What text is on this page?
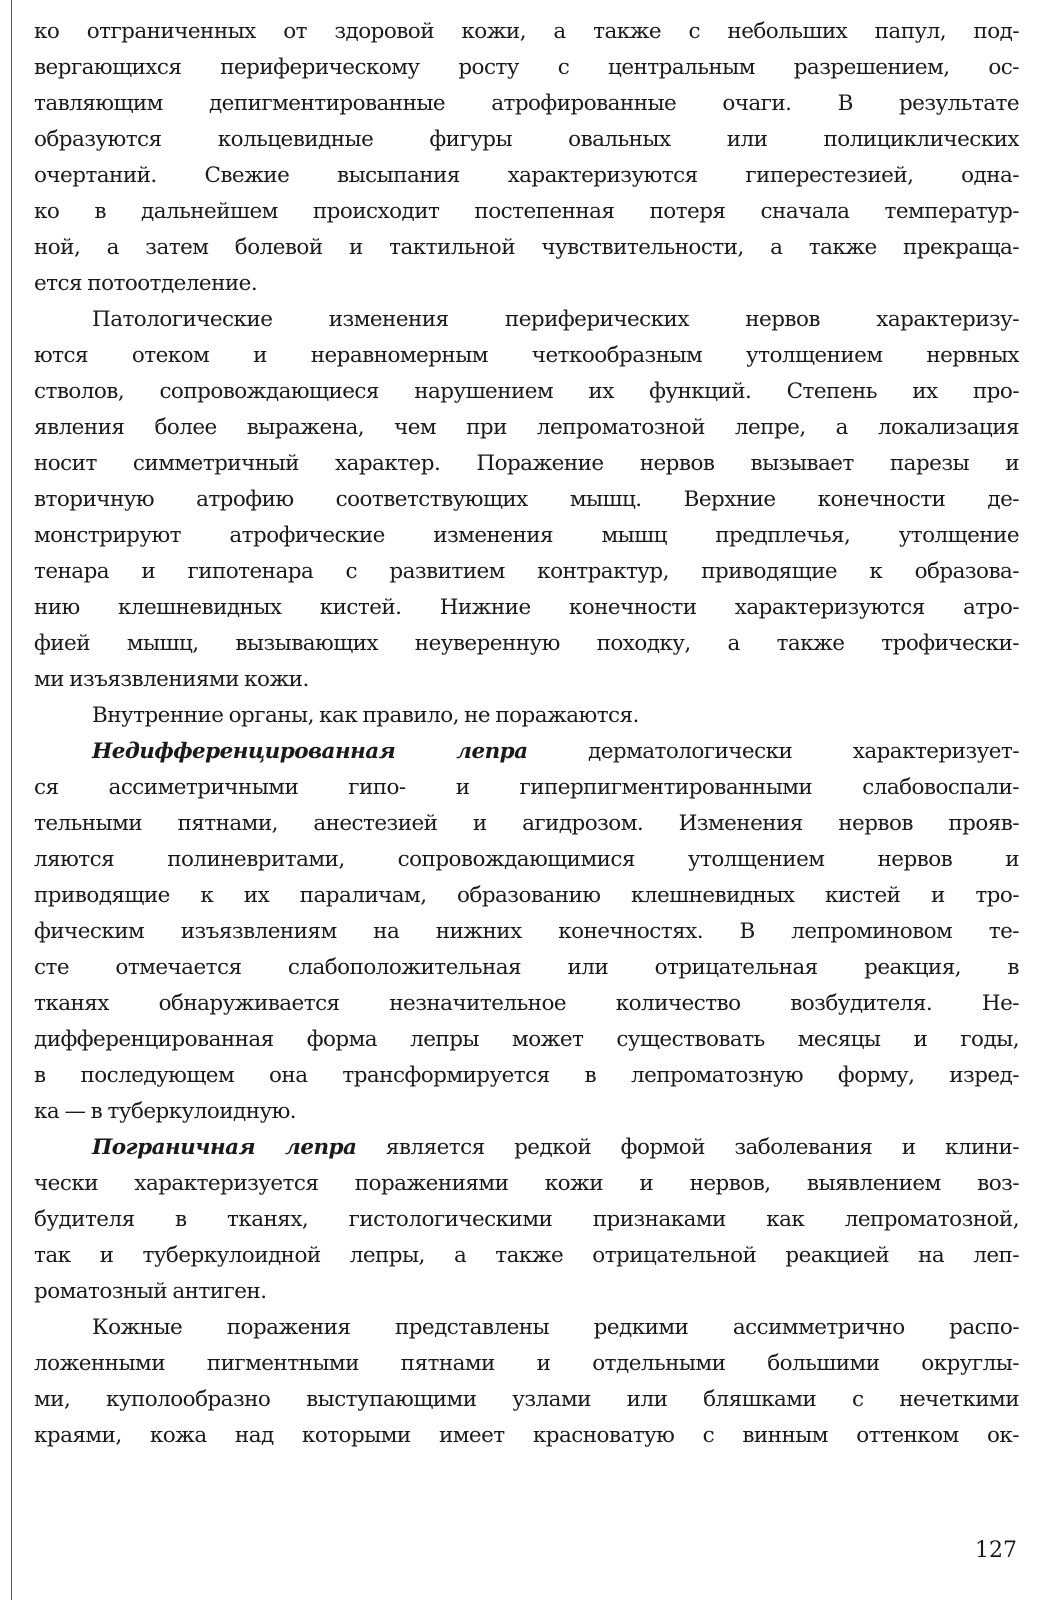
ко отграниченных от здоровой кожи, а также с небольших папул, под-
вергающихся периферическому росту с центральным разрешением, ос-
тавляющим депигментированные атрофированные очаги. В результате
образуются кольцевидные фигуры овальных или полициклических
очертаний. Свежие высыпания характеризуются гиперестезией, одна-
ко в дальнейшем происходит постепенная потеря сначала температур-
ной, а затем болевой и тактильной чувствительности, а также прекраща-
ется потоотделение.
Патологические изменения периферических нервов характеризу-
ются отеком и неравномерным четкообразным утолщением нервных
стволов, сопровождающиеся нарушением их функций. Степень их про-
явления более выражена, чем при лепроматозной лепре, а локализация
носит симметричный характер. Поражение нервов вызывает парезы и
вторичную атрофию соответствующих мышц. Верхние конечности де-
монстрируют атрофические изменения мышц предплечья, утолщение
тенара и гипотенара с развитием контрактур, приводящие к образова-
нию клешневидных кистей. Нижние конечности характеризуются атро-
фией мышц, вызывающих неуверенную походку, а также трофически-
ми изъязвлениями кожи.
Внутренние органы, как правило, не поражаются.
Недифференцированная лепра дерматологически характеризует-
ся ассиметричными гипо- и гиперпигментированными слабовоспали-
тельными пятнами, анестезией и агидрозом. Изменения нервов прояв-
ляются полиневритами, сопровождающимися утолщением нервов и
приводящие к их параличам, образованию клешневидных кистей и тро-
фическим изъязвлениям на нижних конечностях. В лепроминовом те-
сте отмечается слабоположительная или отрицательная реакция, в
тканях обнаруживается незначительное количество возбудителя. Не-
дифференцированная форма лепры может существовать месяцы и годы,
в последующем она трансформируется в лепроматозную форму, изред-
ка — в туберкулоидную.
Пограничная лепра является редкой формой заболевания и клини-
чески характеризуется поражениями кожи и нервов, выявлением воз-
будителя в тканях, гистологическими признаками как лепроматозной,
так и туберкулоидной лепры, а также отрицательной реакцией на леп-
роматозный антиген.
Кожные поражения представлены редкими ассимметрично распо-
ложенными пигментными пятнами и отдельными большими округлы-
ми, куполообразно выступающими узлами или бляшками с нечеткими
краями, кожа над которыми имеет красноватую с винным оттенком ок-
127
